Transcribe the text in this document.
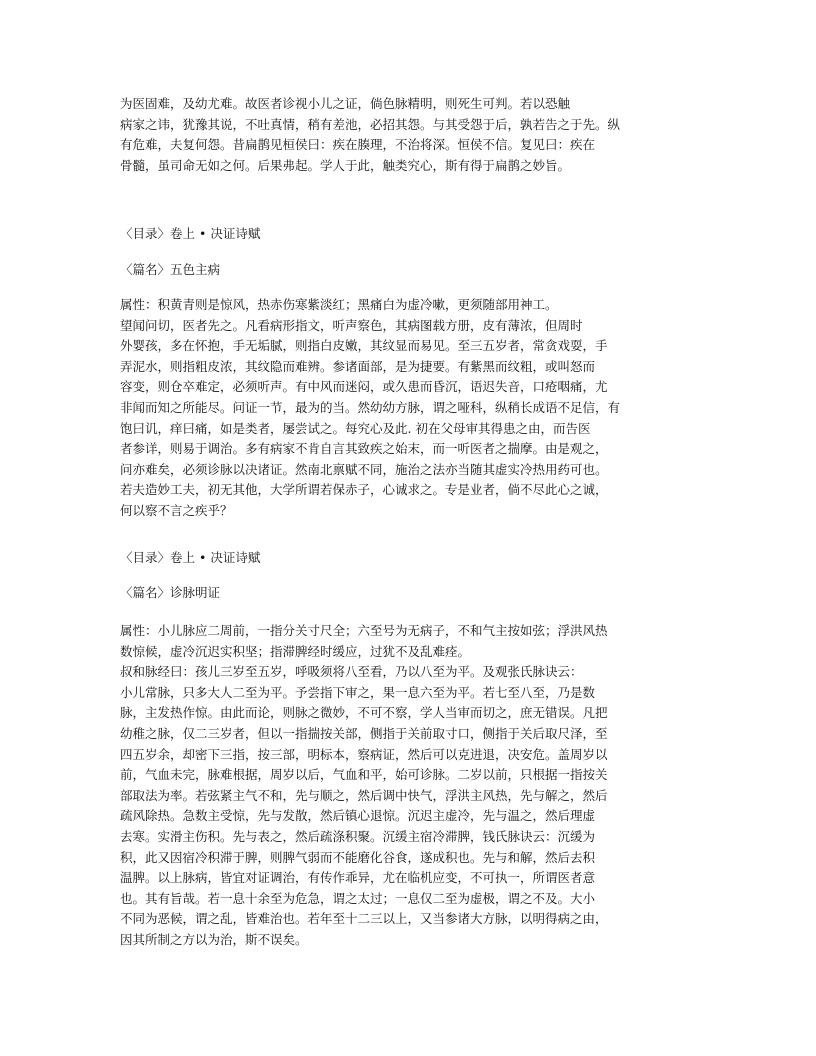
为医固难，及幼尤难。故医者诊视小儿之证，倘色脉精明，则死生可判。若以恐触
病家之讳，犹豫其说，不吐真情，稍有差池，必招其怨。与其受怨于后，孰若告之于先。纵
有危难，夫复何怨。昔扁鹊见桓侯曰：疾在腠理，不治将深。恒侯不信。复见曰：疾在
骨髓，虽司命无如之何。后果弗起。学人于此，触类究心，斯有得于扁鹊之妙旨。
〈目录〉卷上 • 决证诗赋
〈篇名〉五色主病
属性：积黄青则是惊风，热赤伤寒紫淡红；黑痛白为虚冷嗽，更须随部用神工。
望闻问切，医者先之。凡看病形指文，听声察色，其病图载方册，皮有薄浓，但周时
外婴孩，多在怀抱，手无垢腻，则指白皮嫩，其纹显而易见。至三五岁者，常贪戏耍，手
弄泥水，则指粗皮浓，其纹隐而难辨。参诸面部，是为捷要。有紫黑而纹粗，或叫怒而
容变，则仓卒难定，必须听声。有中风而迷闷，或久患而昏沉，语迟失音，口疮咽痛，尤
非闻而知之所能尽。问证一节，最为的当。然幼幼方脉，谓之哑科，纵稍长成语不足信，有
饱曰讥，痒曰痛，如是类者，屡尝试之。每究心及此. 初在父母审其得患之由，而告医
者参详，则易于调治。多有病家不肯自言其致疾之始末，而一听医者之揣摩。由是观之，
问亦难矣，必须诊脉以决诸证。然南北禀赋不同，施治之法亦当随其虚实冷热用药可也。
若夫造妙工夫，初无其他，大学所谓若保赤子，心诚求之。专是业者，倘不尽此心之诚，
何以察不言之疾乎？
〈目录〉卷上 • 决证诗赋
〈篇名〉诊脉明证
属性：小儿脉应二周前，一指分关寸尺全；六至号为无病子，不和气主按如弦；浮洪风热
数惊候，虚冷沉迟实积坚；指滞脾经时缓应，过犹不及乱难痊。
叔和脉经曰：孩儿三岁至五岁，呼吸须将八至看，乃以八至为平。及观张氏脉诀云：
小儿常脉，只多大人二至为平。予尝指下审之，果一息六至为平。若七至八至，乃是数
脉，主发热作惊。由此而论，则脉之微妙，不可不察，学人当审而切之，庶无错误。凡把
幼稚之脉，仅二三岁者，但以一指揣按关部，侧指于关前取寸口，侧指于关后取尺泽，至
四五岁余，却密下三指，按三部，明标本，察病证，然后可以克进退，决安危。盖周岁以
前，气血未完，脉难根据，周岁以后，气血和平，始可诊脉。二岁以前，只根据一指按关
部取法为率。若弦紧主气不和，先与顺之，然后调中快气，浮洪主风热，先与解之，然后
疏风除热。急数主受惊，先与发散，然后镇心退惊。沉迟主虚冷，先与温之，然后理虚
去寒。实滑主伤积。先与表之，然后疏涤积聚。沉缓主宿冷滞脾，钱氏脉诀云：沉缓为
积，此又因宿冷积滞于脾，则脾气弱而不能磨化谷食，遂成积也。先与和解，然后去积
温脾。以上脉病，皆宜对证调治，有传作乖异，尤在临机应变，不可执一，所谓医者意
也。其有旨哉。若一息十余至为危急，谓之太过；一息仅二至为虚极，谓之不及。大小
不同为恶候，谓之乱，皆难治也。若年至十二三以上，又当参诸大方脉，以明得病之由，
因其所制之方以为治，斯不误矣。
